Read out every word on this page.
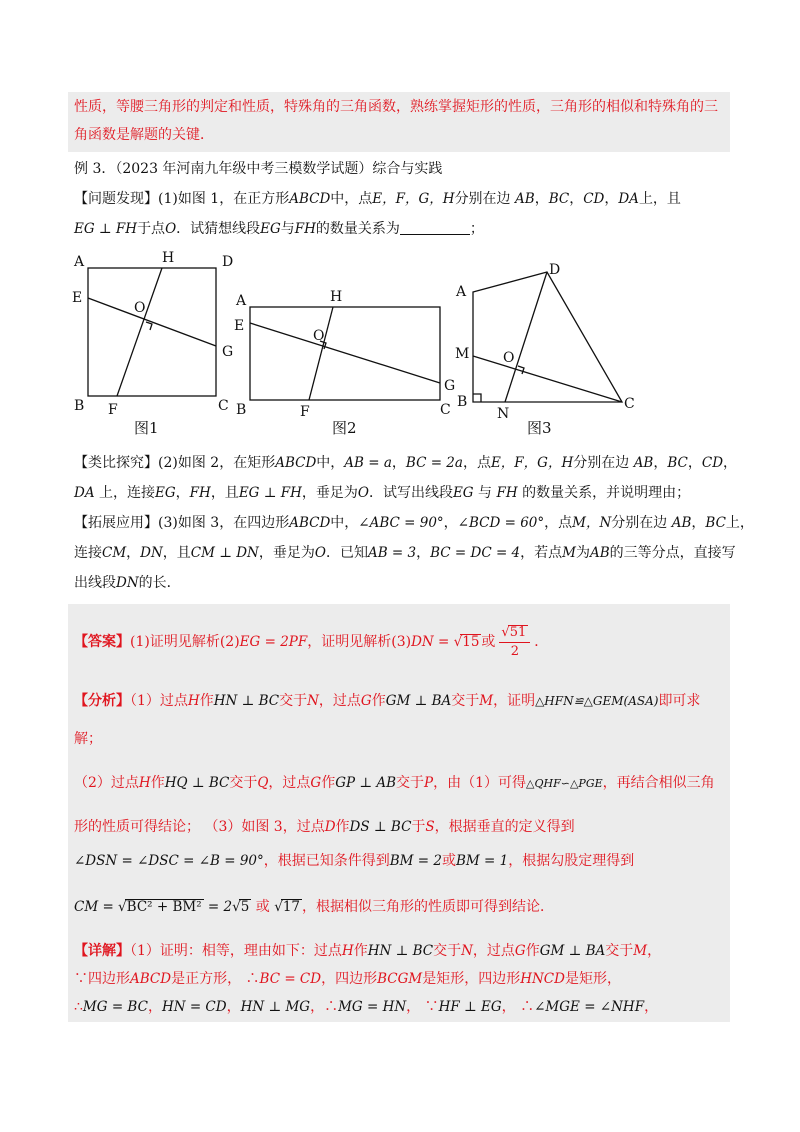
性质，等腰三角形的判定和性质，特殊角的三角函数，熟练掌握矩形的性质，三角形的相似和特殊角的三
角函数是解题的关键．
例 3．（2023 年河南九年级中考三模数学试题）综合与实践
【问题发现】(1)如图 1，在正方形ABCD中，点E，F，G，H分别在边 AB，BC，CD，DA上，且
EG ⊥ FH于点O．试猜想线段EG与FH的数量关系为	；
A	H	D
E
O
G
B F	C
图1
A	H
E
O
G
B	F	C
图2
A
D
M O
B
N
C
图3
【类比探究】(2)如图 2，在矩形ABCD中，AB = a，BC = 2a，点E，F，G，H分别在边 AB，BC，CD，
DA 上，连接EG，FH，且EG ⊥ FH，垂足为O．试写出线段EG 与 FH 的数量关系，并说明理由；
【拓展应用】(3)如图 3，在四边形ABCD中，∠ABC = 90°，∠BCD = 60°，点M，N分别在边 AB，BC上，
连接CM，DN，且CM ⊥ DN，垂足为O．已知AB = 3，BC = DC = 4，若点M为AB的三等分点，直接写
出线段DN的长．
【答案】(1)证明见解析(2)EG = 2PF，证明见解析(3)DN = √15 或 $\frac{√51}{2}$ ．
【分析】（1）过点H作HN ⊥ BC交于N，过点G作GM ⊥ BA交于M，证明△HFN≌△GEM(ASA)即可求
解；
（2）过点H作HQ ⊥ BC交于Q，过点G作GP ⊥ AB交于P，由（1）可得△QHF∽△PGE，再结合相似三角
形的性质可得结论； （3）如图 3，过点D作DS ⊥ BC于S，根据垂直的定义得到
∠DSN = ∠DSC = ∠B = 90°，根据已知条件得到BM = 2或BM = 1，根据勾股定理得到
CM = √BC² + BM² = 2√5 或 √17 ，根据相似三角形的性质即可得到结论．
【详解】（1）证明：相等，理由如下：过点H作HN ⊥ BC交于N，过点G作GM ⊥ BA交于M，
∵四边形ABCD是正方形， ∴BC = CD，四边形BCGM是矩形，四边形HNCD是矩形，
∴MG = BC，HN = CD，HN ⊥ MG，∴MG = HN， ∵HF ⊥ EG， ∴∠MGE = ∠NHF，
